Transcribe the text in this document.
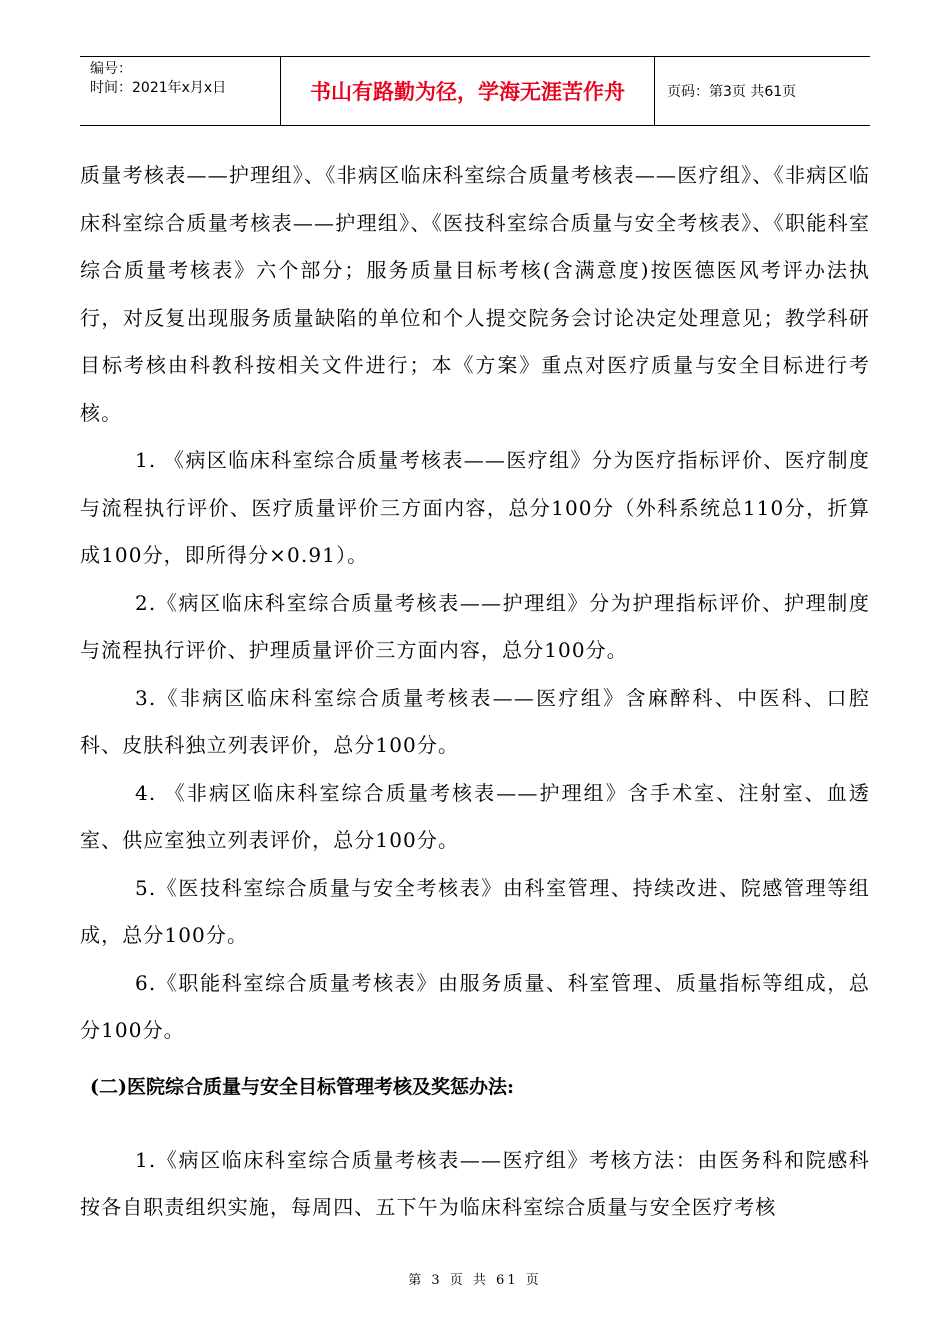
编号：
时间：2021年x月x日	书山有路勤为径，学海无涯苦作舟	页码：第3页 共61页

质量考核表——护理组》、《非病区临床科室综合质量考核表——医疗组》、《非病区临床科室综合质量考核表——护理组》、《医技科室综合质量与安全考核表》、《职能科室综合质量考核表》六个部分；服务质量目标考核(含满意度)按医德医风考评办法执行，对反复出现服务质量缺陷的单位和个人提交院务会讨论决定处理意见；教学科研目标考核由科教科按相关文件进行；本《方案》重点对医疗质量与安全目标进行考核。

1. 《病区临床科室综合质量考核表——医疗组》分为医疗指标评价、医疗制度与流程执行评价、医疗质量评价三方面内容，总分100分（外科系统总110分，折算成100分，即所得分×0.91）。

2.《病区临床科室综合质量考核表——护理组》分为护理指标评价、护理制度与流程执行评价、护理质量评价三方面内容，总分100分。

3.《非病区临床科室综合质量考核表——医疗组》含麻醉科、中医科、口腔科、皮肤科独立列表评价，总分100分。

4. 《非病区临床科室综合质量考核表——护理组》含手术室、注射室、血透室、供应室独立列表评价，总分100分。

5.《医技科室综合质量与安全考核表》由科室管理、持续改进、院感管理等组成，总分100分。

6.《职能科室综合质量考核表》由服务质量、科室管理、质量指标等组成，总分100分。

(二)医院综合质量与安全目标管理考核及奖惩办法:

1.《病区临床科室综合质量考核表——医疗组》考核方法：由医务科和院感科按各自职责组织实施，每周四、五下午为临床科室综合质量与安全医疗考核

第 3 页 共 61 页
